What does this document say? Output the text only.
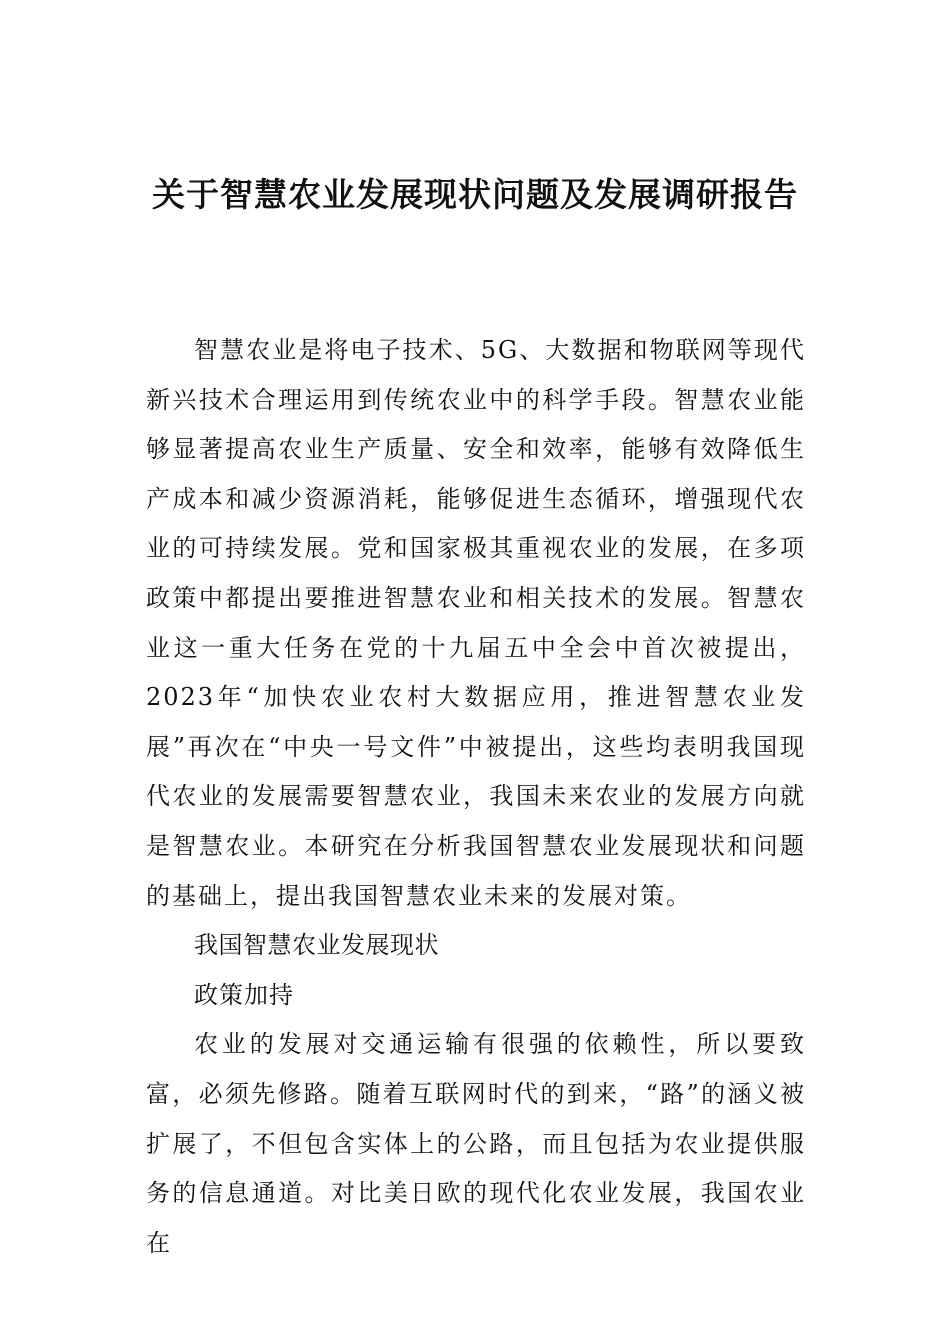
关于智慧农业发展现状问题及发展调研报告

智慧农业是将电子技术、5G、大数据和物联网等现代新兴技术合理运用到传统农业中的科学手段。智慧农业能够显著提高农业生产质量、安全和效率，能够有效降低生产成本和减少资源消耗，能够促进生态循环，增强现代农业的可持续发展。党和国家极其重视农业的发展，在多项政策中都提出要推进智慧农业和相关技术的发展。智慧农业这一重大任务在党的十九届五中全会中首次被提出，2023年“加快农业农村大数据应用，推进智慧农业发展”再次在“中央一号文件”中被提出，这些均表明我国现代农业的发展需要智慧农业，我国未来农业的发展方向就是智慧农业。本研究在分析我国智慧农业发展现状和问题的基础上，提出我国智慧农业未来的发展对策。

我国智慧农业发展现状

政策加持

农业的发展对交通运输有很强的依赖性，所以要致富，必须先修路。随着互联网时代的到来，“路”的涵义被扩展了，不但包含实体上的公路，而且包括为农业提供服务的信息通道。对比美日欧的现代化农业发展，我国农业在
